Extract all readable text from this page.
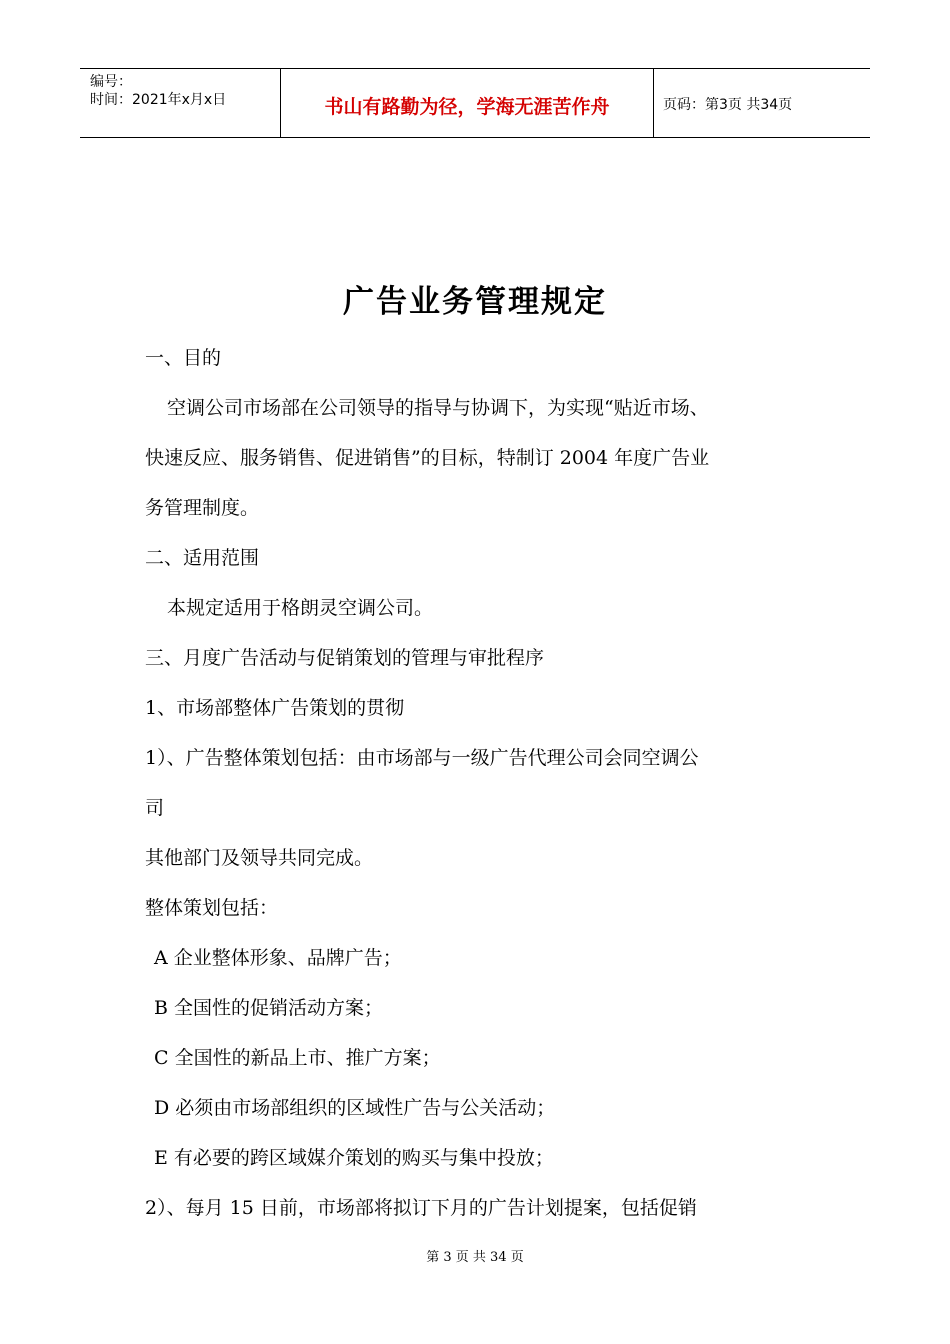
编号：
时间：2021年x月x日	书山有路勤为径，学海无涯苦作舟	页码：第3页 共34页
广告业务管理规定
一、目的
空调公司市场部在公司领导的指导与协调下，为实现“贴近市场、
快速反应、服务销售、促进销售”的目标，特制订 2004 年度广告业
务管理制度。
二、适用范围
本规定适用于格朗灵空调公司。
三、月度广告活动与促销策划的管理与审批程序
1、市场部整体广告策划的贯彻
1）、广告整体策划包括：由市场部与一级广告代理公司会同空调公
司
其他部门及领导共同完成。
整体策划包括：
A 企业整体形象、品牌广告；
B 全国性的促销活动方案；
C 全国性的新品上市、推广方案；
D 必须由市场部组织的区域性广告与公关活动；
E 有必要的跨区域媒介策划的购买与集中投放；
2）、每月 15 日前，市场部将拟订下月的广告计划提案，包括促销
第 3 页 共 34 页
